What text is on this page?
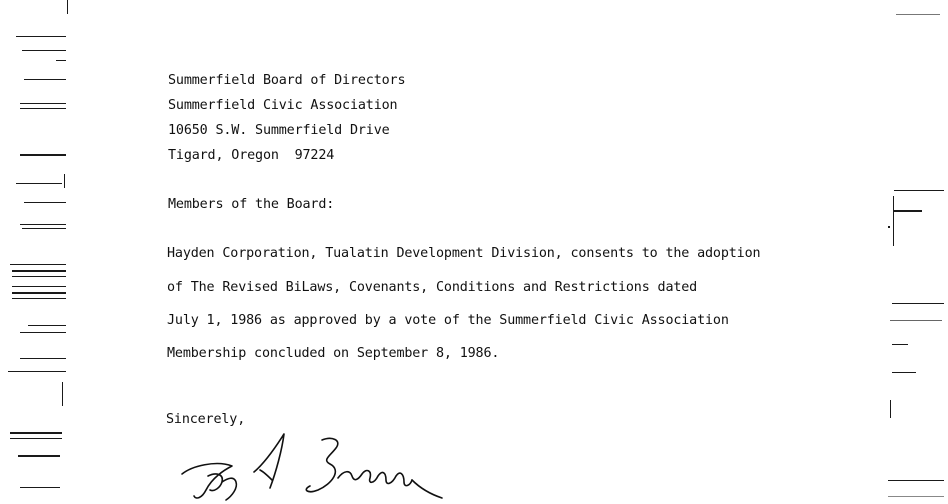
Summerfield Board of Directors
Summerfield Civic Association
10650 S.W. Summerfield Drive
Tigard, Oregon  97224
Members of the Board:
Hayden Corporation, Tualatin Development Division, consents to the adoption
of The Revised BiLaws, Covenants, Conditions and Restrictions dated
July 1, 1986 as approved by a vote of the Summerfield Civic Association
Membership concluded on September 8, 1986.
Sincerely,
